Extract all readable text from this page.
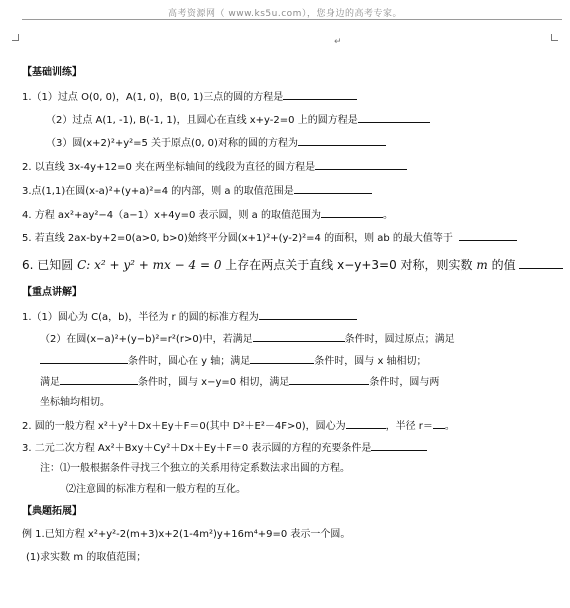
高考资源网（ www.ks5u.com），您身边的高考专家。
↵
【基础训练】
1.（1）过点 O(0, 0)，A(1, 0)，B(0, 1)三点的圆的方程是
（2）过点 A(1, -1), B(-1, 1)，且圆心在直线 x+y-2=0 上的圆方程是
（3）圆(x+2)²+y²=5 关于原点(0, 0)对称的圆的方程为
2. 以直线 3x-4y+12=0 夹在两坐标轴间的线段为直径的圆方程是
3.点(1,1)在圆(x-a)²+(y+a)²=4 的内部，则 a 的取值范围是
4. 方程 ax²+ay²−4（a−1）x+4y=0 表示圆，则 a 的取值范围为	。
5. 若直线 2ax-by+2=0(a>0, b>0)始终平分圆(x+1)²+(y-2)²=4 的面积，则 ab 的最大值等于
6. 已知圆 C: x² + y² + mx − 4 = 0 上存在两点关于直线 x−y+3=0 对称，则实数 m 的值
【重点讲解】
1.（1）圆心为 C(a，b)，半径为 r 的圆的标准方程为
（2）在圆(x−a)²+(y−b)²=r²(r>0)中，若满足	条件时，圆过原点；满足
条件时，圆心在 y 轴；满足	条件时，圆与 x 轴相切；
满足	条件时，圆与 x−y=0 相切，满足	条件时，圆与两
坐标轴均相切。
2. 圆的一般方程 x²＋y²＋Dx＋Ey＋F＝0(其中 D²＋E²－4F>0)，圆心为	，半径 r＝ 。
3. 二元二次方程 Ax²＋Bxy＋Cy²＋Dx＋Ey＋F＝0 表示圆的方程的充要条件是
注：⑴一般根据条件寻找三个独立的关系用待定系数法求出圆的方程。
⑵注意圆的标准方程和一般方程的互化。
【典题拓展】
例 1.已知方程 x²+y²-2(m+3)x+2(1-4m²)y+16m⁴+9=0 表示一个圆。
(1)求实数 m 的取值范围；
